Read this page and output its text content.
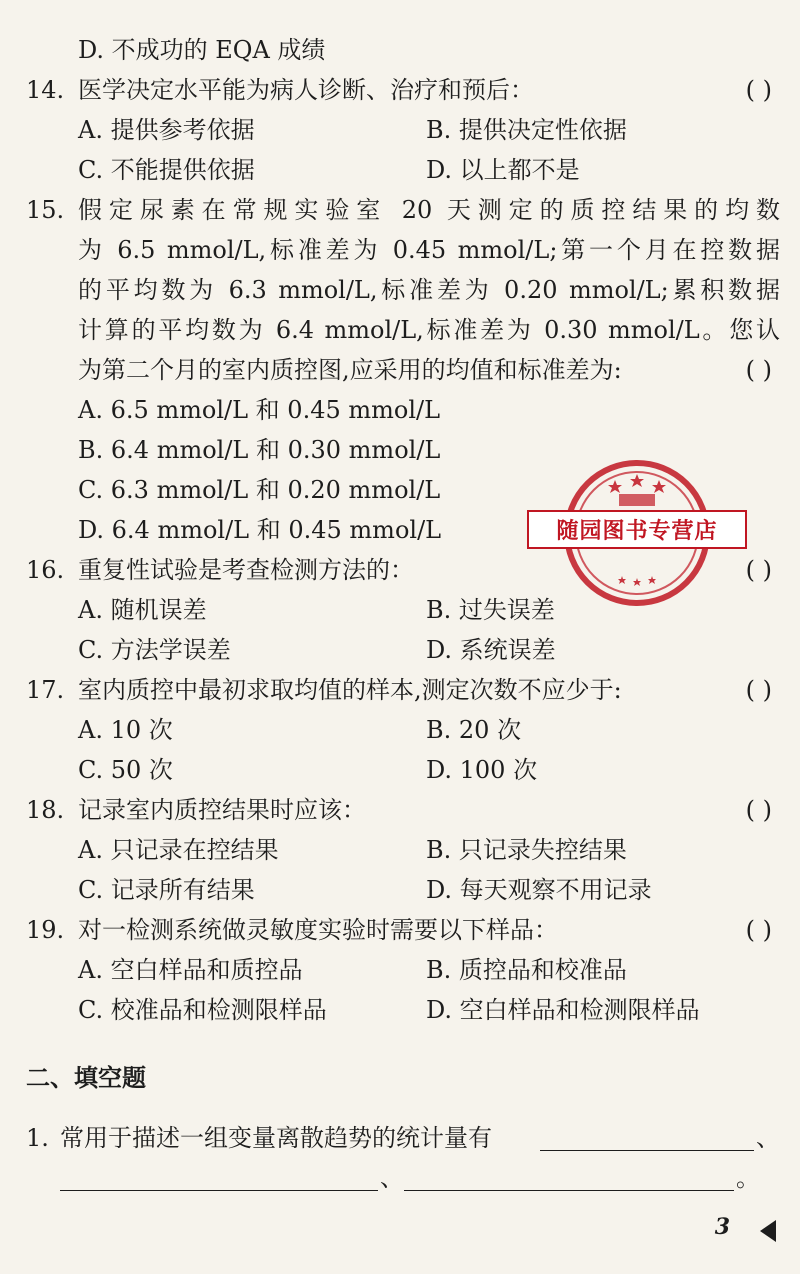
D. 不成功的 EQA 成绩
14. 医学决定水平能为病人诊断、治疗和预后：	( )
A. 提供参考依据	B. 提供决定性依据
C. 不能提供依据	D. 以上都不是
15. 假定尿素在常规实验室 20 天测定的质控结果的均数
为 6.5 mmol/L,标准差为 0.45 mmol/L;第一个月在控数据
的平均数为 6.3 mmol/L,标准差为 0.20 mmol/L;累积数据
计算的平均数为 6.4 mmol/L,标准差为 0.30 mmol/L。您认
为第二个月的室内质控图,应采用的均值和标准差为:	( )
A. 6.5 mmol/L 和 0.45 mmol/L
B. 6.4 mmol/L 和 0.30 mmol/L
C. 6.3 mmol/L 和 0.20 mmol/L
D. 6.4 mmol/L 和 0.45 mmol/L
16. 重复性试验是考查检测方法的：	( )
A. 随机误差	B. 过失误差
C. 方法学误差	D. 系统误差
17. 室内质控中最初求取均值的样本,测定次数不应少于:	( )
A. 10 次	B. 20 次
C. 50 次	D. 100 次
18. 记录室内质控结果时应该：	( )
A. 只记录在控结果	B. 只记录失控结果
C. 记录所有结果	D. 每天观察不用记录
19. 对一检测系统做灵敏度实验时需要以下样品：	( )
A. 空白样品和质控品	B. 质控品和校准品
C. 校准品和检测限样品	D. 空白样品和检测限样品
二、填空题
1. 常用于描述一组变量离散趋势的统计量有	、
、	。
随园图书专营店
3
